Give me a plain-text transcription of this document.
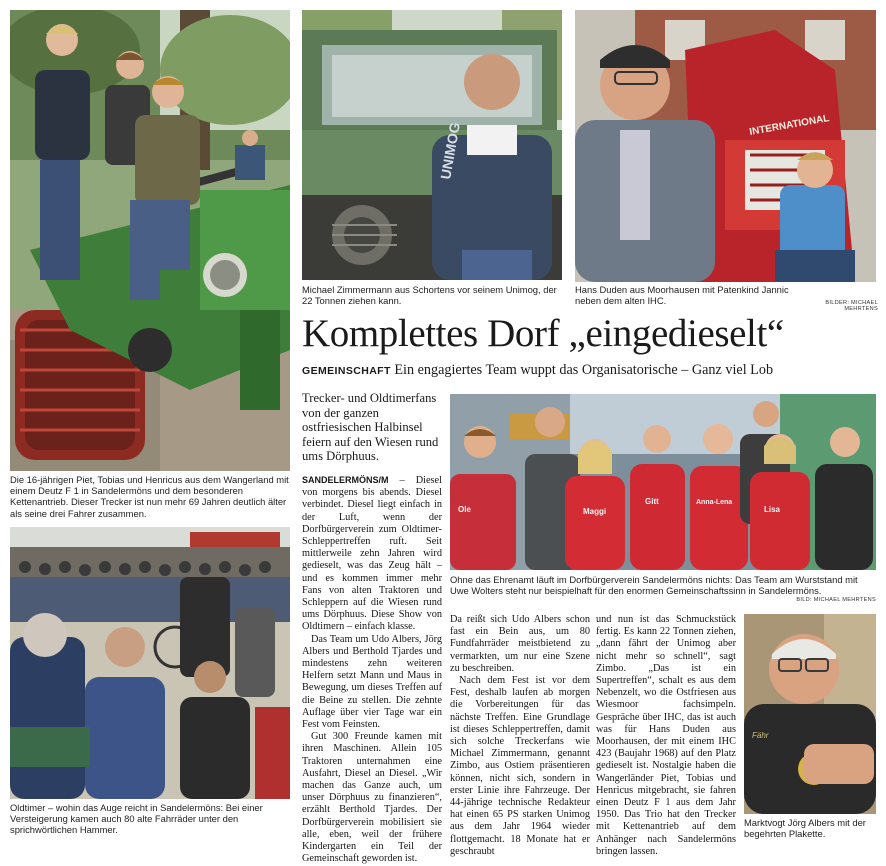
Die 16-jährigen Piet, Tobias und Henricus aus dem Wangerland mit einem Deutz F 1 in Sandelermöns und dem besonderen Kettenantrieb. Dieser Trecker ist nun mehr 69 Jahren deutlich älter als seine drei Fahrer zusammen.
UNIMOG
Michael Zimmermann aus Schortens vor seinem Unimog, der 22 Tonnen ziehen kann.
INTERNATIONAL
Hans Duden aus Moorhausen mit Patenkind Jannic neben dem alten IHC.	BILDER: MICHAEL MEHRTENS
Komplettes Dorf „eingedieselt“
GEMEINSCHAFT Ein engagiertes Team wuppt das Organisatorische – Ganz viel Lob
Trecker- und Oldtimerfans von der ganzen ostfriesischen Halbinsel feiern auf den Wiesen rund ums Dörphuus.
Ole	Maggi
Gitt	Anna-Lena
Lisa
Ohne das Ehrenamt läuft im Dorfbürgerverein Sandelermöns nichts: Das Team am Wurststand mit Uwe Wolters steht nur beispielhaft für den enormen Gemeinschaftssinn in Sandelermöns.
BILD: MICHAEL MEHRTENS
Oldtimer – wohin das Auge reicht in Sandelermöns: Bei einer Versteigerung kamen auch 80 alte Fahrräder unter den sprichwörtlichen Hammer.
Fähr
Marktvogt Jörg Albers mit der begehrten Plakette.

SANDELERMÖNS/M – Diesel von morgens bis abends. Diesel verbindet. Diesel liegt einfach in der Luft, wenn der Dorfbürgerverein zum Oldtimer-Schleppertreffen ruft. Seit mittlerweile zehn Jahren wird gedieselt, was das Zeug hält – und es kommen immer mehr Fans von alten Traktoren und Schleppern auf die Wiesen rund ums Dörphuus. Diese Show von Oldtimern – einfach klasse.

Das Team um Udo Albers, Jörg Albers und Berthold Tjardes und mindestens zehn weiteren Helfern setzt Mann und Maus in Bewegung, um dieses Treffen auf die Beine zu stellen. Die zehnte Auflage über vier Tage war ein Fest vom Feinsten.

Gut 300 Freunde kamen mit ihren Maschinen. Allein 105 Traktoren unternahmen eine Ausfahrt, Diesel an Diesel. „Wir machen das Ganze auch, um unser Dörphuus zu finanzieren“, erzählt Berthold Tjardes. Der Dorfbürgerverein mobilisiert sie alle, eben, weil der frühere Kindergarten ein Teil der Gemeinschaft geworden ist.

Da reißt sich Udo Albers schon fast ein Bein aus, um 80 Fundfahrräder meistbietend zu vermarkten, um nur eine Szene zu beschreiben.

Nach dem Fest ist vor dem Fest, deshalb laufen ab morgen die Vorbereitungen für das nächste Treffen. Eine Grundlage ist dieses Schleppertreffen, damit sich solche Treckerfans wie Michael Zimmermann, genannt Zimbo, aus Ostiem präsentieren können, nicht sich, sondern in erster Linie ihre Fahrzeuge. Der 44-jährige technische Redakteur hat einen 65 PS starken Unimog aus dem Jahr 1964 wieder flottgemacht. 18 Monate hat er geschraubt

und nun ist das Schmuckstück fertig. Es kann 22 Tonnen ziehen, „dann fährt der Unimog aber nicht mehr so schnell“, sagt Zimbo. „Das ist ein Supertreffen“, schalt es aus dem Nebenzelt, wo die Ostfriesen aus Wiesmoor fachsimpeln. Gespräche über IHC, das ist auch was für Hans Duden aus Moorhausen, der mit einem IHC 423 (Baujahr 1968) auf den Platz gedieselt ist. Nostalgie haben die Wangerländer Piet, Tobias und Henricus mitgebracht, sie fahren einen Deutz F 1 aus dem Jahr 1950. Das Trio hat den Trecker mit Kettenantrieb auf dem Anhänger nach Sandelermöns bringen lassen.
